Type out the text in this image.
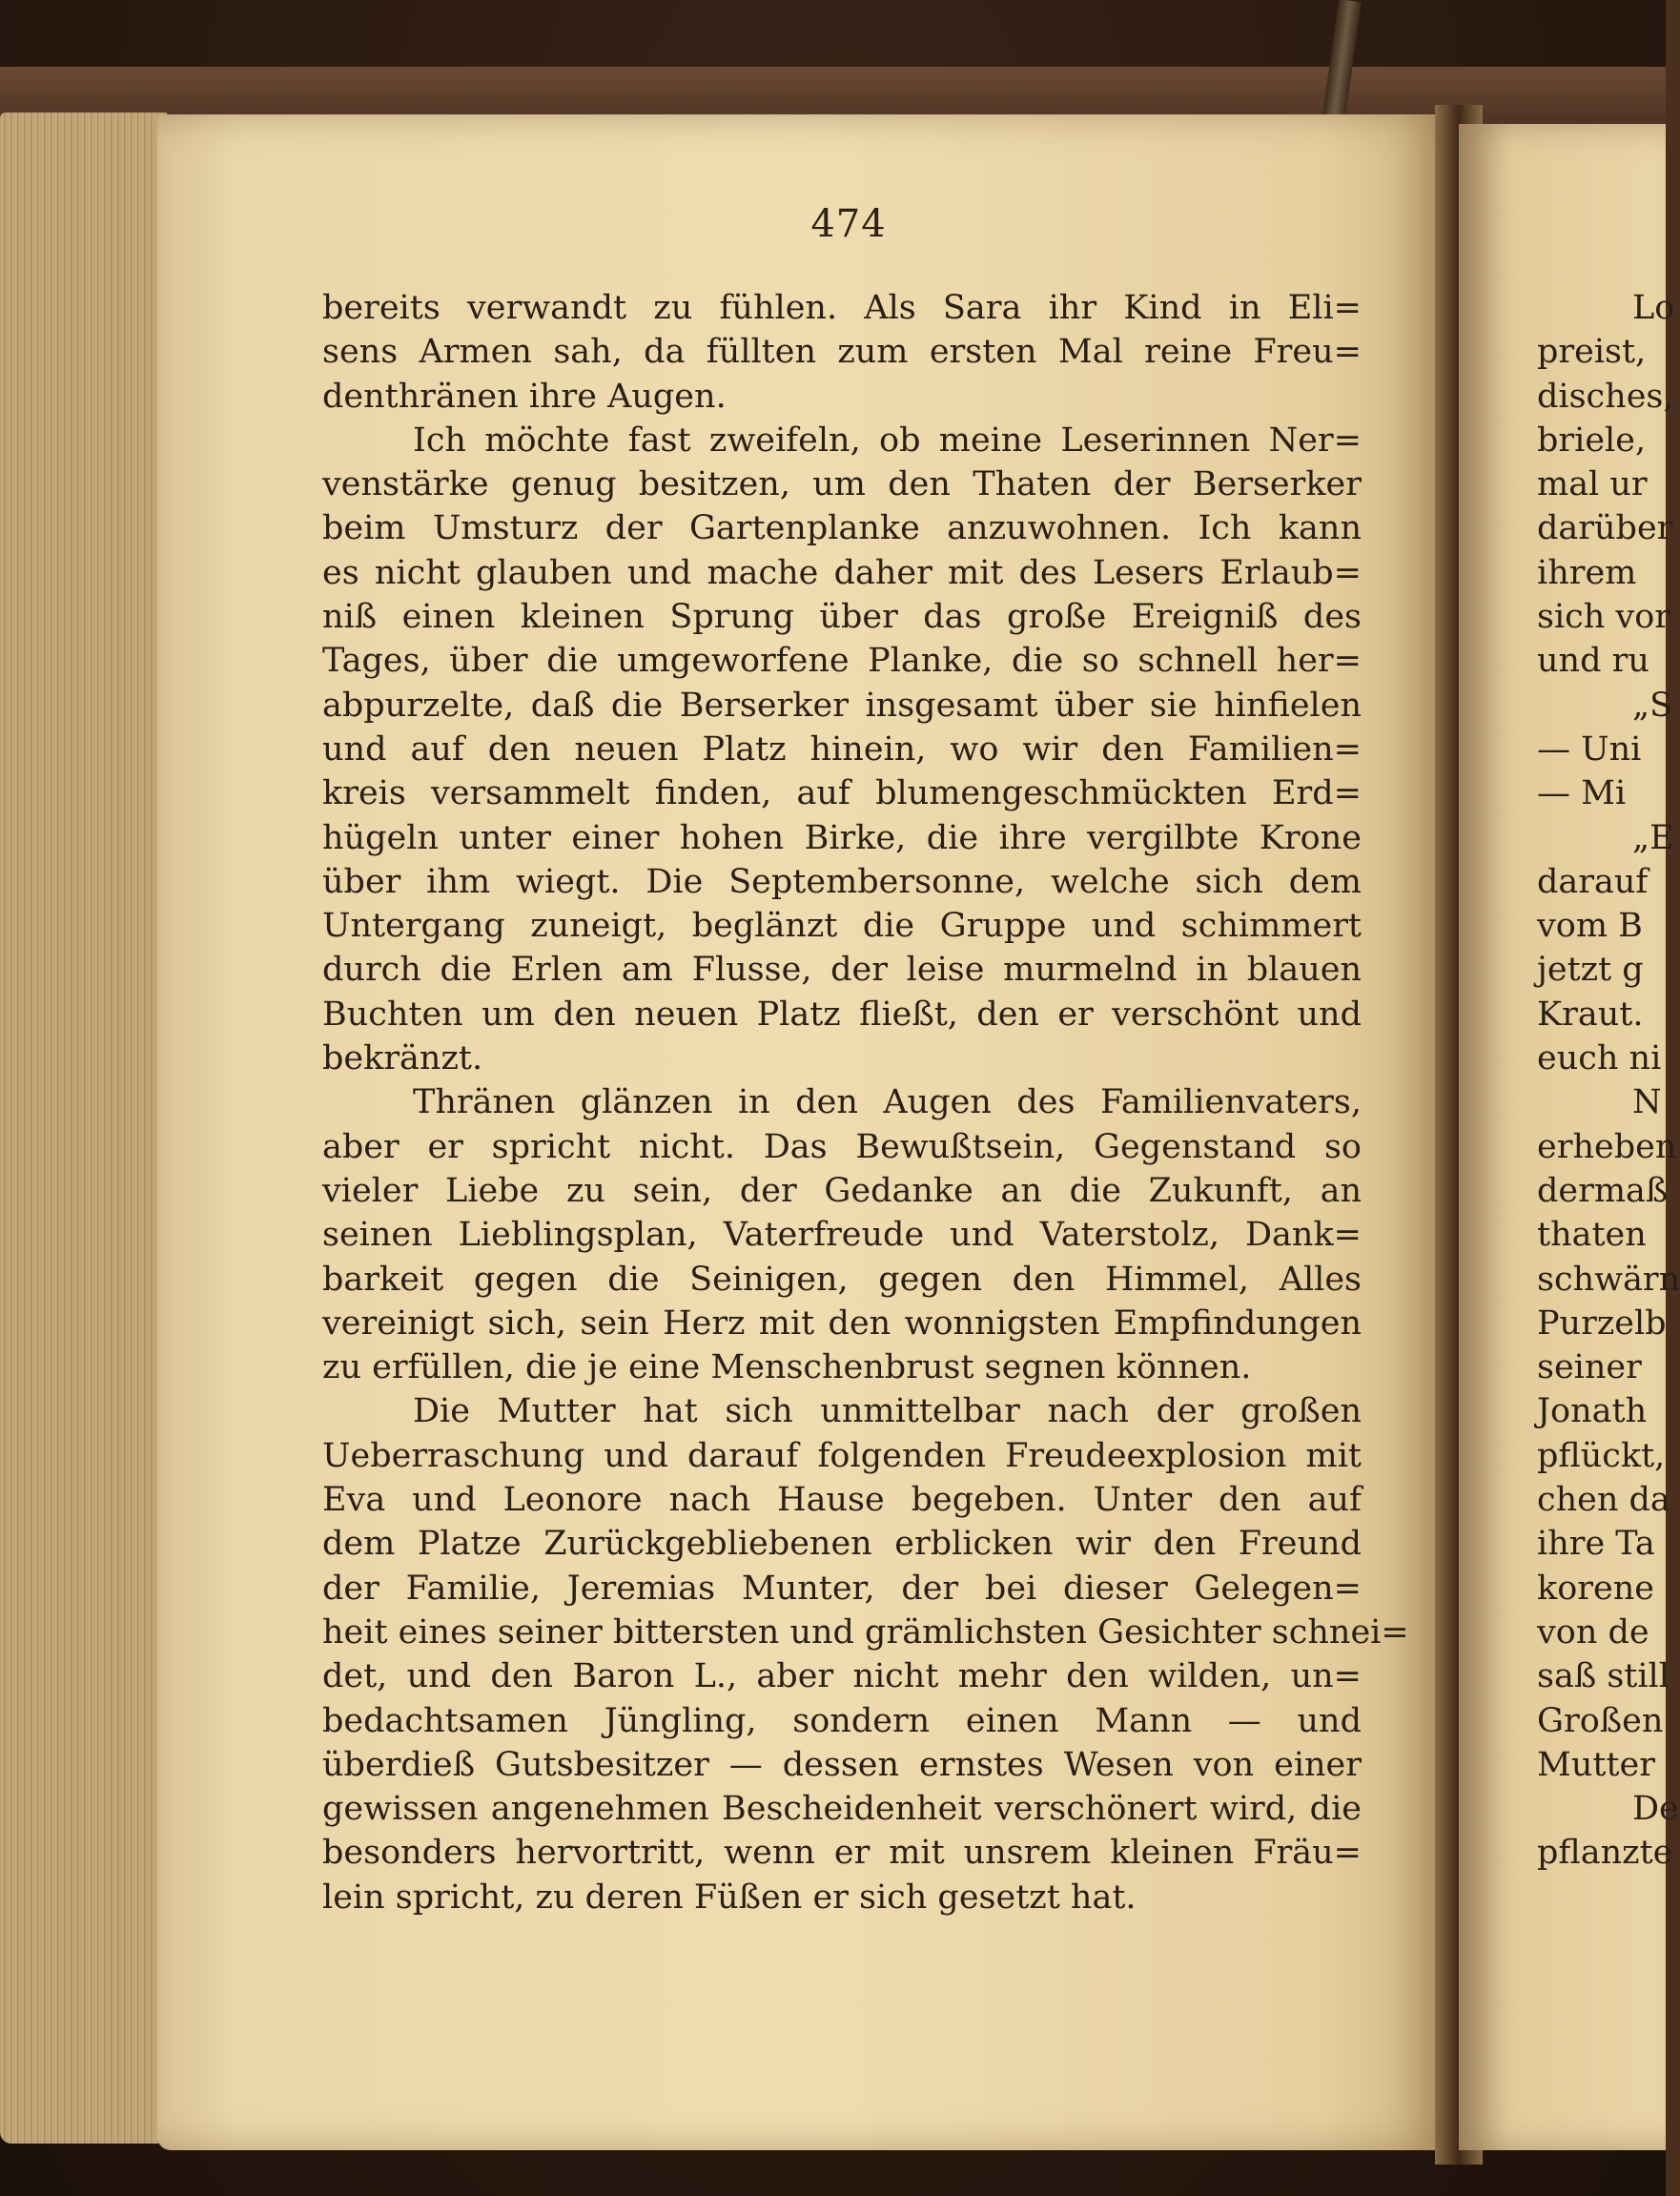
474
bereits verwandt zu fühlen. Als Sara ihr Kind in Eli=
sens Armen sah, da füllten zum ersten Mal reine Freu=
denthränen ihre Augen.
Ich möchte fast zweifeln, ob meine Leserinnen Ner=
venstärke genug besitzen, um den Thaten der Berserker
beim Umsturz der Gartenplanke anzuwohnen. Ich kann
es nicht glauben und mache daher mit des Lesers Erlaub=
niß einen kleinen Sprung über das große Ereigniß des
Tages, über die umgeworfene Planke, die so schnell her=
abpurzelte, daß die Berserker insgesamt über sie hinfielen
und auf den neuen Platz hinein, wo wir den Familien=
kreis versammelt finden, auf blumengeschmückten Erd=
hügeln unter einer hohen Birke, die ihre vergilbte Krone
über ihm wiegt. Die Septembersonne, welche sich dem
Untergang zuneigt, beglänzt die Gruppe und schimmert
durch die Erlen am Flusse, der leise murmelnd in blauen
Buchten um den neuen Platz fließt, den er verschönt und
bekränzt.
Thränen glänzen in den Augen des Familienvaters,
aber er spricht nicht. Das Bewußtsein, Gegenstand so
vieler Liebe zu sein, der Gedanke an die Zukunft, an
seinen Lieblingsplan, Vaterfreude und Vaterstolz, Dank=
barkeit gegen die Seinigen, gegen den Himmel, Alles
vereinigt sich, sein Herz mit den wonnigsten Empfindungen
zu erfüllen, die je eine Menschenbrust segnen können.
Die Mutter hat sich unmittelbar nach der großen
Ueberraschung und darauf folgenden Freudeexplosion mit
Eva und Leonore nach Hause begeben. Unter den auf
dem Platze Zurückgebliebenen erblicken wir den Freund
der Familie, Jeremias Munter, der bei dieser Gelegen=
heit eines seiner bittersten und grämlichsten Gesichter schnei=
det, und den Baron L., aber nicht mehr den wilden, un=
bedachtsamen Jüngling, sondern einen Mann — und
überdieß Gutsbesitzer — dessen ernstes Wesen von einer
gewissen angenehmen Bescheidenheit verschönert wird, die
besonders hervortritt, wenn er mit unsrem kleinen Fräu=
lein spricht, zu deren Füßen er sich gesetzt hat.
Lo
preist,
disches,
briele,
mal ur
darüber
ihrem
sich vor
und ru
„S
— Uni
— Mi
„E
darauf
vom B
jetzt g
Kraut.
euch ni
N
erheben
dermaß
thaten
schwärn
Purzelb
seiner
Jonath
pflückt,
chen da
ihre Ta
korene
von de
saß still
Großen
Mutter
De
pflanzte
